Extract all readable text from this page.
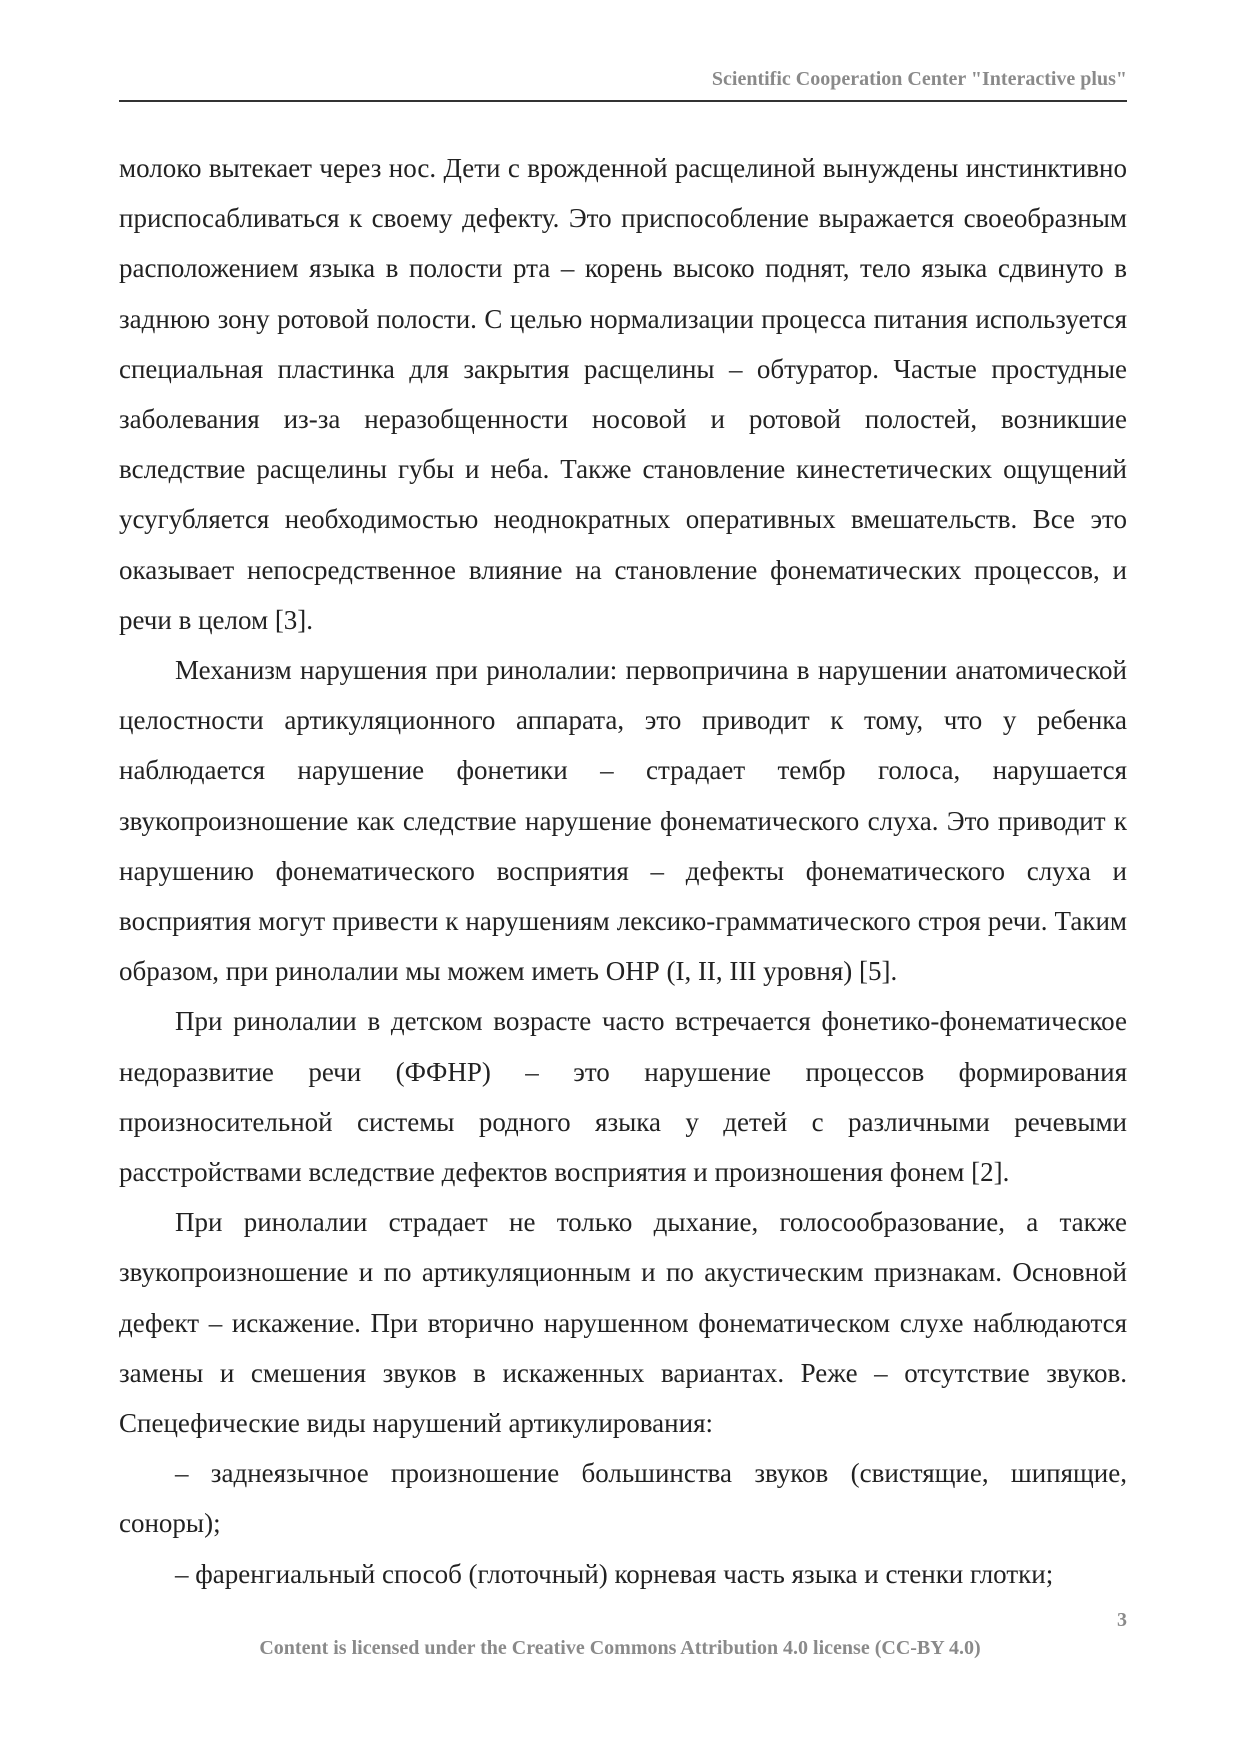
Scientific Cooperation Center "Interactive plus"

молоко вытекает через нос. Дети с врожденной расщелиной вынуждены инстинктивно приспосабливаться к своему дефекту. Это приспособление выражается своеобразным расположением языка в полости рта – корень высоко поднят, тело языка сдвинуто в заднюю зону ротовой полости. С целью нормализации процесса питания используется специальная пластинка для закрытия расщелины – обтуратор. Частые простудные заболевания из-за неразобщенности носовой и ротовой полостей, возникшие вследствие расщелины губы и неба. Также становление кинестетических ощущений усугубляется необходимостью неоднократных оперативных вмешательств. Все это оказывает непосредственное влияние на становление фонематических процессов, и речи в целом [3].

Механизм нарушения при ринолалии: первопричина в нарушении анатомической целостности артикуляционного аппарата, это приводит к тому, что у ребенка наблюдается нарушение фонетики – страдает тембр голоса, нарушается звукопроизношение как следствие нарушение фонематического слуха. Это приводит к нарушению фонематического восприятия – дефекты фонематического слуха и восприятия могут привести к нарушениям лексико-грамматического строя речи. Таким образом, при ринолалии мы можем иметь ОНР (I, II, III уровня) [5].

При ринолалии в детском возрасте часто встречается фонетико-фонематическое недоразвитие речи (ФФНР) – это нарушение процессов формирования произносительной системы родного языка у детей с различными речевыми расстройствами вследствие дефектов восприятия и произношения фонем [2].

При ринолалии страдает не только дыхание, голосообразование, а также звукопроизношение и по артикуляционным и по акустическим признакам. Основной дефект – искажение. При вторично нарушенном фонематическом слухе наблюдаются замены и смешения звуков в искаженных вариантах. Реже – отсутствие звуков. Спецефические виды нарушений артикулирования:

– заднеязычное произношение большинства звуков (свистящие, шипящие, соноры);

– фаренгиальный способ (глоточный) корневая часть языка и стенки глотки;

3
Content is licensed under the Creative Commons Attribution 4.0 license (CC-BY 4.0)
